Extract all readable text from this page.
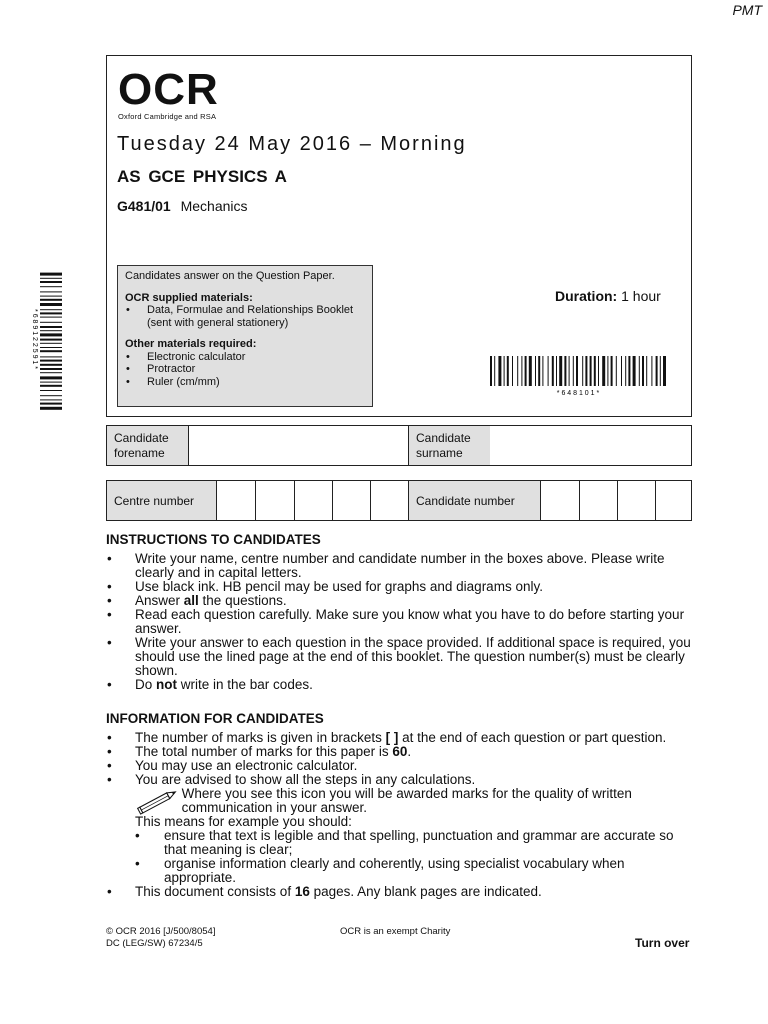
PMT
OCR
Oxford Cambridge and RSA
Tuesday 24 May 2016 – Morning
AS GCE PHYSICS A
G481/01 Mechanics
Candidates answer on the Question Paper.
OCR supplied materials:
• Data, Formulae and Relationships Booklet
(sent with general stationery)
Other materials required:
• Electronic calculator
• Protractor
• Ruler (cm/mm)
Duration: 1 hour
* 6 4 8 1 0 1 *
* 6 8 9 1 2 2 5 9 1 *
Candidate forename
Candidate surname
Centre number	Candidate number
INSTRUCTIONS TO CANDIDATES
• Write your name, centre number and candidate number in the boxes above. Please write clearly and in capital letters.
• Use black ink. HB pencil may be used for graphs and diagrams only.
• Answer all the questions.
• Read each question carefully. Make sure you know what you have to do before starting your answer.
• Write your answer to each question in the space provided. If additional space is required, you should use the lined page at the end of this booklet. The question number(s) must be clearly shown.
• Do not write in the bar codes.
INFORMATION FOR CANDIDATES
• The number of marks is given in brackets [ ] at the end of each question or part question.
• The total number of marks for this paper is 60.
• You may use an electronic calculator.
• You are advised to show all the steps in any calculations.
Where you see this icon you will be awarded marks for the quality of written communication in your answer.
This means for example you should:
• ensure that text is legible and that spelling, punctuation and grammar are accurate so that meaning is clear;
• organise information clearly and coherently, using specialist vocabulary when appropriate.
• This document consists of 16 pages. Any blank pages are indicated.
© OCR 2016 [J/500/8054]
DC (LEG/SW) 67234/5
OCR is an exempt Charity
Turn over
